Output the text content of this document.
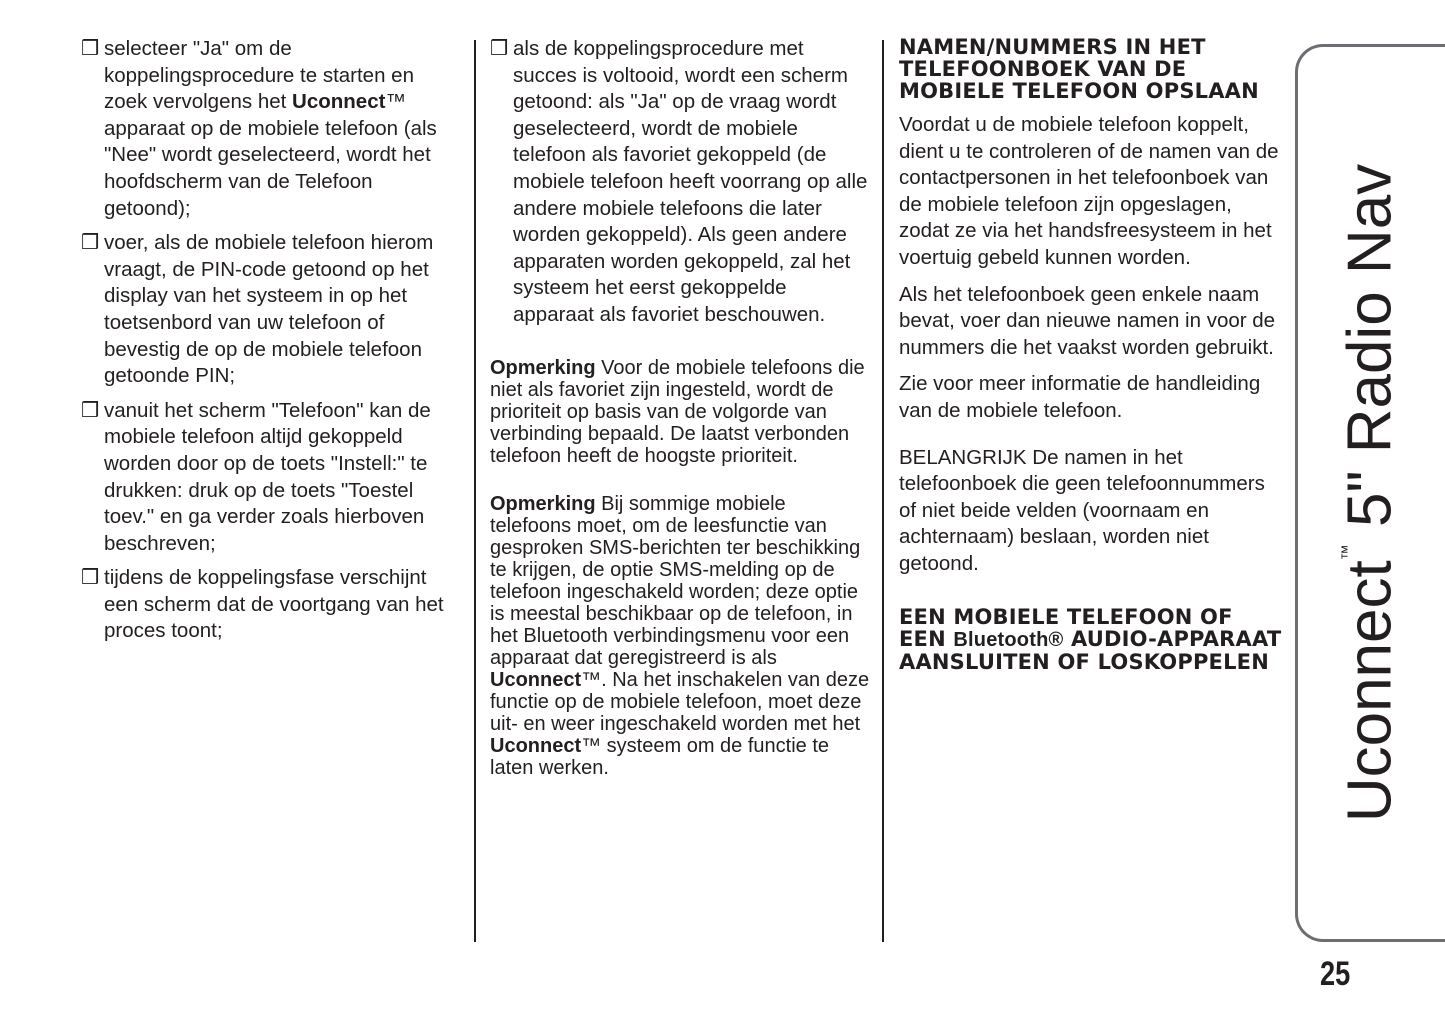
❒ selecteer "Ja" om de koppelingsprocedure te starten en zoek vervolgens het Uconnect™ apparaat op de mobiele telefoon (als "Nee" wordt geselecteerd, wordt het hoofdscherm van de Telefoon getoond);
❒ voer, als de mobiele telefoon hierom vraagt, de PIN-code getoond op het display van het systeem in op het toetsenbord van uw telefoon of bevestig de op de mobiele telefoon getoonde PIN;
❒ vanuit het scherm "Telefoon" kan de mobiele telefoon altijd gekoppeld worden door op de toets "Instell:" te drukken: druk op de toets "Toestel toev." en ga verder zoals hierboven beschreven;
❒ tijdens de koppelingsfase verschijnt een scherm dat de voortgang van het proces toont;
❒ als de koppelingsprocedure met succes is voltooid, wordt een scherm getoond: als "Ja" op de vraag wordt geselecteerd, wordt de mobiele telefoon als favoriet gekoppeld (de mobiele telefoon heeft voorrang op alle andere mobiele telefoons die later worden gekoppeld). Als geen andere apparaten worden gekoppeld, zal het systeem het eerst gekoppelde apparaat als favoriet beschouwen.

Opmerking Voor de mobiele telefoons die niet als favoriet zijn ingesteld, wordt de prioriteit op basis van de volgorde van verbinding bepaald. De laatst verbonden telefoon heeft de hoogste prioriteit.

Opmerking Bij sommige mobiele telefoons moet, om de leesfunctie van gesproken SMS-berichten ter beschikking te krijgen, de optie SMS-melding op de telefoon ingeschakeld worden; deze optie is meestal beschikbaar op de telefoon, in het Bluetooth verbindingsmenu voor een apparaat dat geregistreerd is als Uconnect™. Na het inschakelen van deze functie op de mobiele telefoon, moet deze uit- en weer ingeschakeld worden met het Uconnect™ systeem om de functie te laten werken.

NAMEN/NUMMERS IN HET TELEFOONBOEK VAN DE MOBIELE TELEFOON OPSLAAN

Voordat u de mobiele telefoon koppelt, dient u te controleren of de namen van de contactpersonen in het telefoonboek van de mobiele telefoon zijn opgeslagen, zodat ze via het handsfreesysteem in het voertuig gebeld kunnen worden.

Als het telefoonboek geen enkele naam bevat, voer dan nieuwe namen in voor de nummers die het vaakst worden gebruikt.

Zie voor meer informatie de handleiding van de mobiele telefoon.

BELANGRIJK De namen in het telefoonboek die geen telefoonnummers of niet beide velden (voornaam en achternaam) beslaan, worden niet getoond.

EEN MOBIELE TELEFOON OF EEN Bluetooth® AUDIO-APPARAAT AANSLUITEN OF LOSKOPPELEN Uconnect™ 5" Radio Nav
25
